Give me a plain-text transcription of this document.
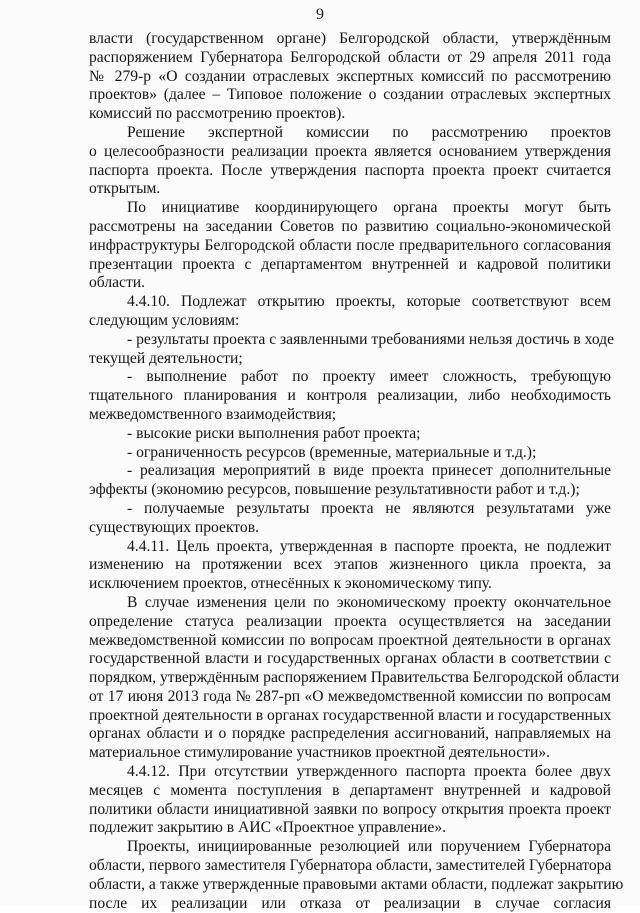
9
власти (государственном органе) Белгородской области, утверждённым
распоряжением Губернатора Белгородской области от 29 апреля 2011 года
№ 279-р «О создании отраслевых экспертных комиссий по рассмотрению
проектов» (далее – Типовое положение о создании отраслевых экспертных
комиссий по рассмотрению проектов).
Решение экспертной комиссии по рассмотрению проектов
о целесообразности реализации проекта является основанием утверждения
паспорта проекта. После утверждения паспорта проекта проект считается
открытым.
По инициативе координирующего органа проекты могут быть
рассмотрены на заседании Советов по развитию социально-экономической
инфраструктуры Белгородской области после предварительного согласования
презентации проекта с департаментом внутренней и кадровой политики
области.
4.4.10. Подлежат открытию проекты, которые соответствуют всем
следующим условиям:
- результаты проекта с заявленными требованиями нельзя достичь в ходе
текущей деятельности;
- выполнение работ по проекту имеет сложность, требующую
тщательного планирования и контроля реализации, либо необходимость
межведомственного взаимодействия;
- высокие риски выполнения работ проекта;
- ограниченность ресурсов (временные, материальные и т.д.);
- реализация мероприятий в виде проекта принесет дополнительные
эффекты (экономию ресурсов, повышение результативности работ и т.д.);
- получаемые результаты проекта не являются результатами уже
существующих проектов.
4.4.11. Цель проекта, утвержденная в паспорте проекта, не подлежит
изменению на протяжении всех этапов жизненного цикла проекта, за
исключением проектов, отнесённых к экономическому типу.
В случае изменения цели по экономическому проекту окончательное
определение статуса реализации проекта осуществляется на заседании
межведомственной комиссии по вопросам проектной деятельности в органах
государственной власти и государственных органах области в соответствии с
порядком, утверждённым распоряжением Правительства Белгородской области
от 17 июня 2013 года № 287-рп «О межведомственной комиссии по вопросам
проектной деятельности в органах государственной власти и государственных
органах области и о порядке распределения ассигнований, направляемых на
материальное стимулирование участников проектной деятельности».
4.4.12. При отсутствии утвержденного паспорта проекта более двух
месяцев с момента поступления в департамент внутренней и кадровой
политики области инициативной заявки по вопросу открытия проекта проект
подлежит закрытию в АИС «Проектное управление».
Проекты, инициированные резолюцией или поручением Губернатора
области, первого заместителя Губернатора области, заместителей Губернатора
области, а также утвержденные правовыми актами области, подлежат закрытию
после их реализации или отказа от реализации в случае согласия
